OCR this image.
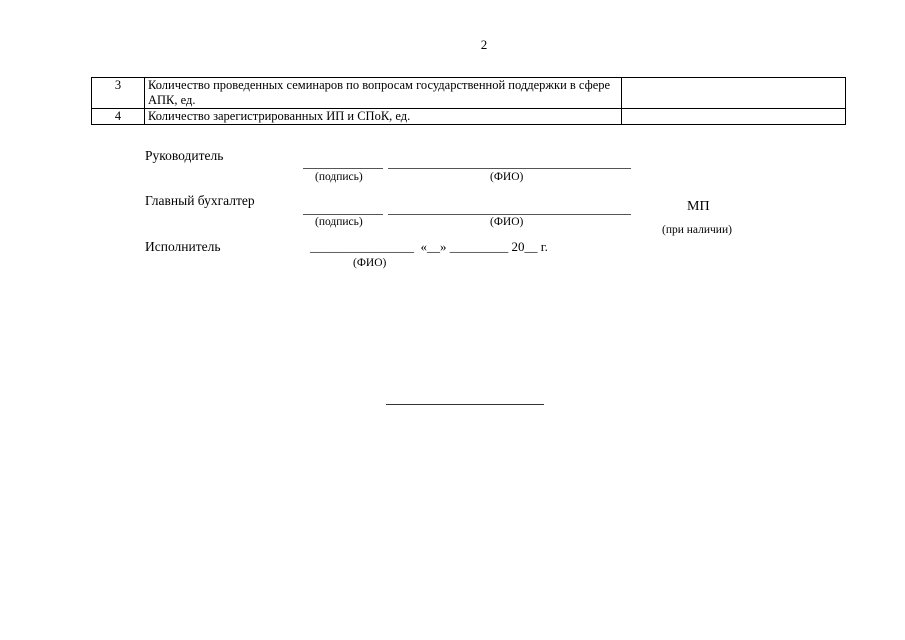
2
3	Количество проведенных семинаров по вопросам государственной поддержки в сфере АПК, ед.	
4	Количество зарегистрированных ИП и СПоК, ед.	
Руководитель
(подпись)	(ФИО)
Главный бухгалтер
(подпись)	(ФИО)
МП
(при наличии)
Исполнитель	________________  «__» _________ 20__ г.
(ФИО)
